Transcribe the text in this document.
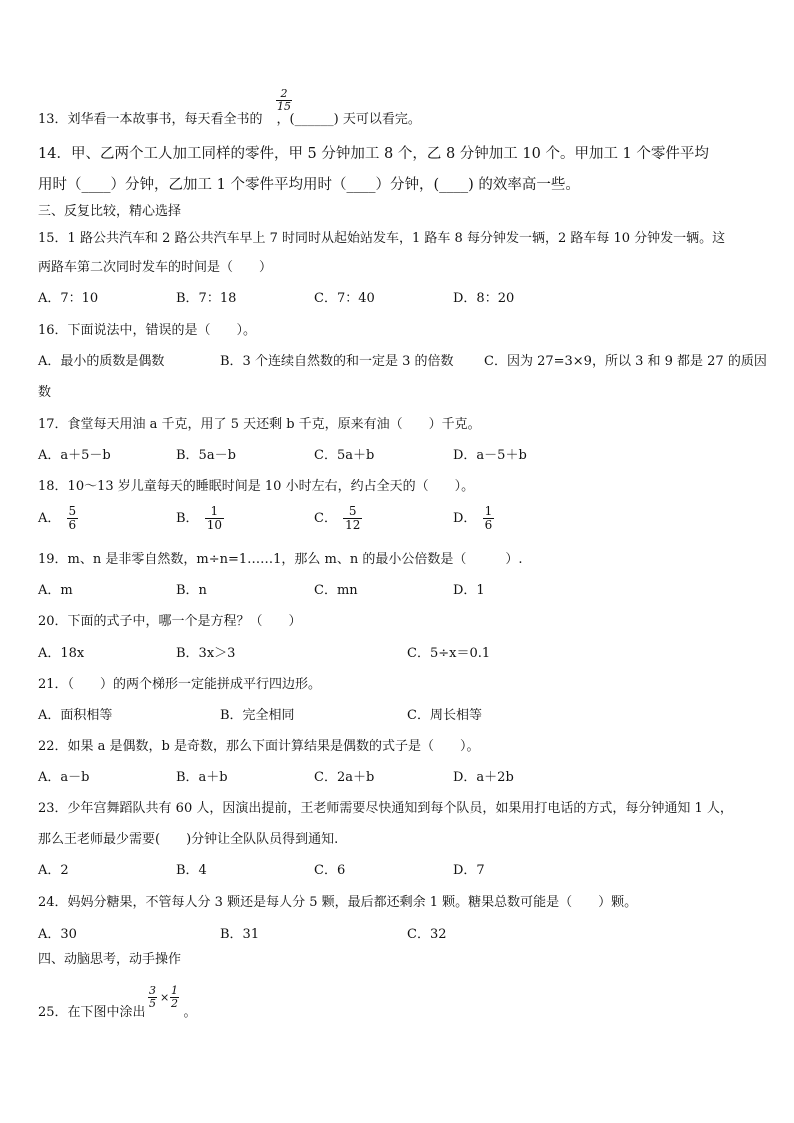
$\frac{2}{15}$
13．刘华看一本故事书，每天看全书的 ，(______) 天可以看完。
14．甲、乙两个工人加工同样的零件，甲 5 分钟加工 8 个，乙 8 分钟加工 10 个。甲加工 1 个零件平均
用时（____）分钟，乙加工 1 个零件平均用时（____）分钟，(____) 的效率高一些。
三、反复比较，精心选择
15．1 路公共汽车和 2 路公共汽车早上 7 时同时从起始站发车，1 路车 8 每分钟发一辆，2 路车每 10 分钟发一辆。这
两路车第二次同时发车的时间是（　　）
A．7：10	B．7：18	C．7：40	D．8：20
16．下面说法中，错误的是（　　）。
A．最小的质数是偶数	B．3 个连续自然数的和一定是 3 的倍数 C．因为 27=3×9，所以 3 和 9 都是 27 的质因
数
17．食堂每天用油 a 千克，用了 5 天还剩 b 千克，原来有油（　　）千克。
A．a＋5－b	B．5a－b	C．5a＋b	D．a－5＋b
18．10～13 岁儿童每天的睡眠时间是 10 小时左右，约占全天的（　　）。
A． $\frac{5}{6}$	B． $\frac{1}{10}$	C． $\frac{5}{12}$	D． $\frac{1}{6}$
19．m、n 是非零自然数，m÷n=1……1，那么 m、n 的最小公倍数是（　　　）.
A．m	B．n	C．mn	D．1
20．下面的式子中，哪一个是方程？（　　）
A．18x	B．3x＞3	C．5÷x＝0.1
21．（　　）的两个梯形一定能拼成平行四边形。
A．面积相等	B．完全相同	C．周长相等
22．如果 a 是偶数，b 是奇数，那么下面计算结果是偶数的式子是（　　）。
A．a－b	B．a＋b	C．2a＋b	D．a＋2b
23．少年宫舞蹈队共有 60 人，因演出提前，王老师需要尽快通知到每个队员，如果用打电话的方式，每分钟通知 1 人，
那么王老师最少需要(　　)分钟让全队队员得到通知.
A．2	B．4	C．6	D．7
24．妈妈分糖果，不管每人分 3 颗还是每人分 5 颗，最后都还剩余 1 颗。糖果总数可能是（　　）颗。
A．30	B．31	C．32
四、动脑思考，动手操作
$\frac{3}{5} \times \frac{1}{2}$
25．在下图中涂出	。
